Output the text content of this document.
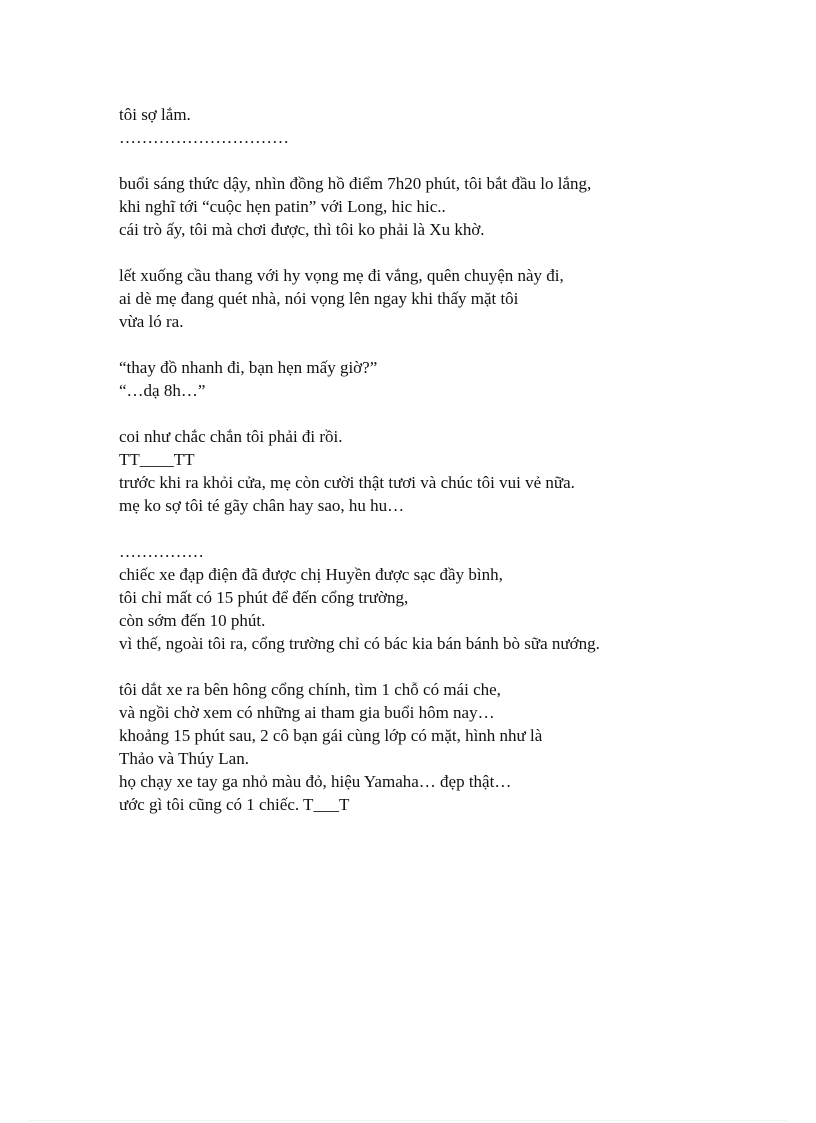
tôi sợ lắm.
…………………………
buổi sáng thức dậy, nhìn đồng hồ điểm 7h20 phút, tôi bắt đầu lo lắng,
khi nghĩ tới “cuộc hẹn patin” với Long, hic hic..
cái trò ấy, tôi mà chơi được, thì tôi ko phải là Xu khờ.
lết xuống cầu thang với hy vọng mẹ đi vắng, quên chuyện này đi,
ai dè mẹ đang quét nhà, nói vọng lên ngay khi thấy mặt tôi
vừa ló ra.
“thay đồ nhanh đi, bạn hẹn mấy giờ?”
“…dạ 8h…”
coi như chắc chắn tôi phải đi rồi.
TT____TT
trước khi ra khỏi cửa, mẹ còn cười thật tươi và chúc tôi vui vẻ nữa.
mẹ ko sợ tôi té gãy chân hay sao, hu hu…
……………
chiếc xe đạp điện đã được chị Huyền được sạc đầy bình,
tôi chỉ mất có 15 phút để đến cổng trường,
còn sớm đến 10 phút.
vì thế, ngoài tôi ra, cổng trường chỉ có bác kia bán bánh bò sữa nướng.
tôi dắt xe ra bên hông cổng chính, tìm 1 chỗ có mái che,
và ngồi chờ xem có những ai tham gia buổi hôm nay…
khoảng 15 phút sau, 2 cô bạn gái cùng lớp có mặt, hình như là
Thảo và Thúy Lan.
họ chạy xe tay ga nhỏ màu đỏ, hiệu Yamaha… đẹp thật…
ước gì tôi cũng có 1 chiếc. T___T
